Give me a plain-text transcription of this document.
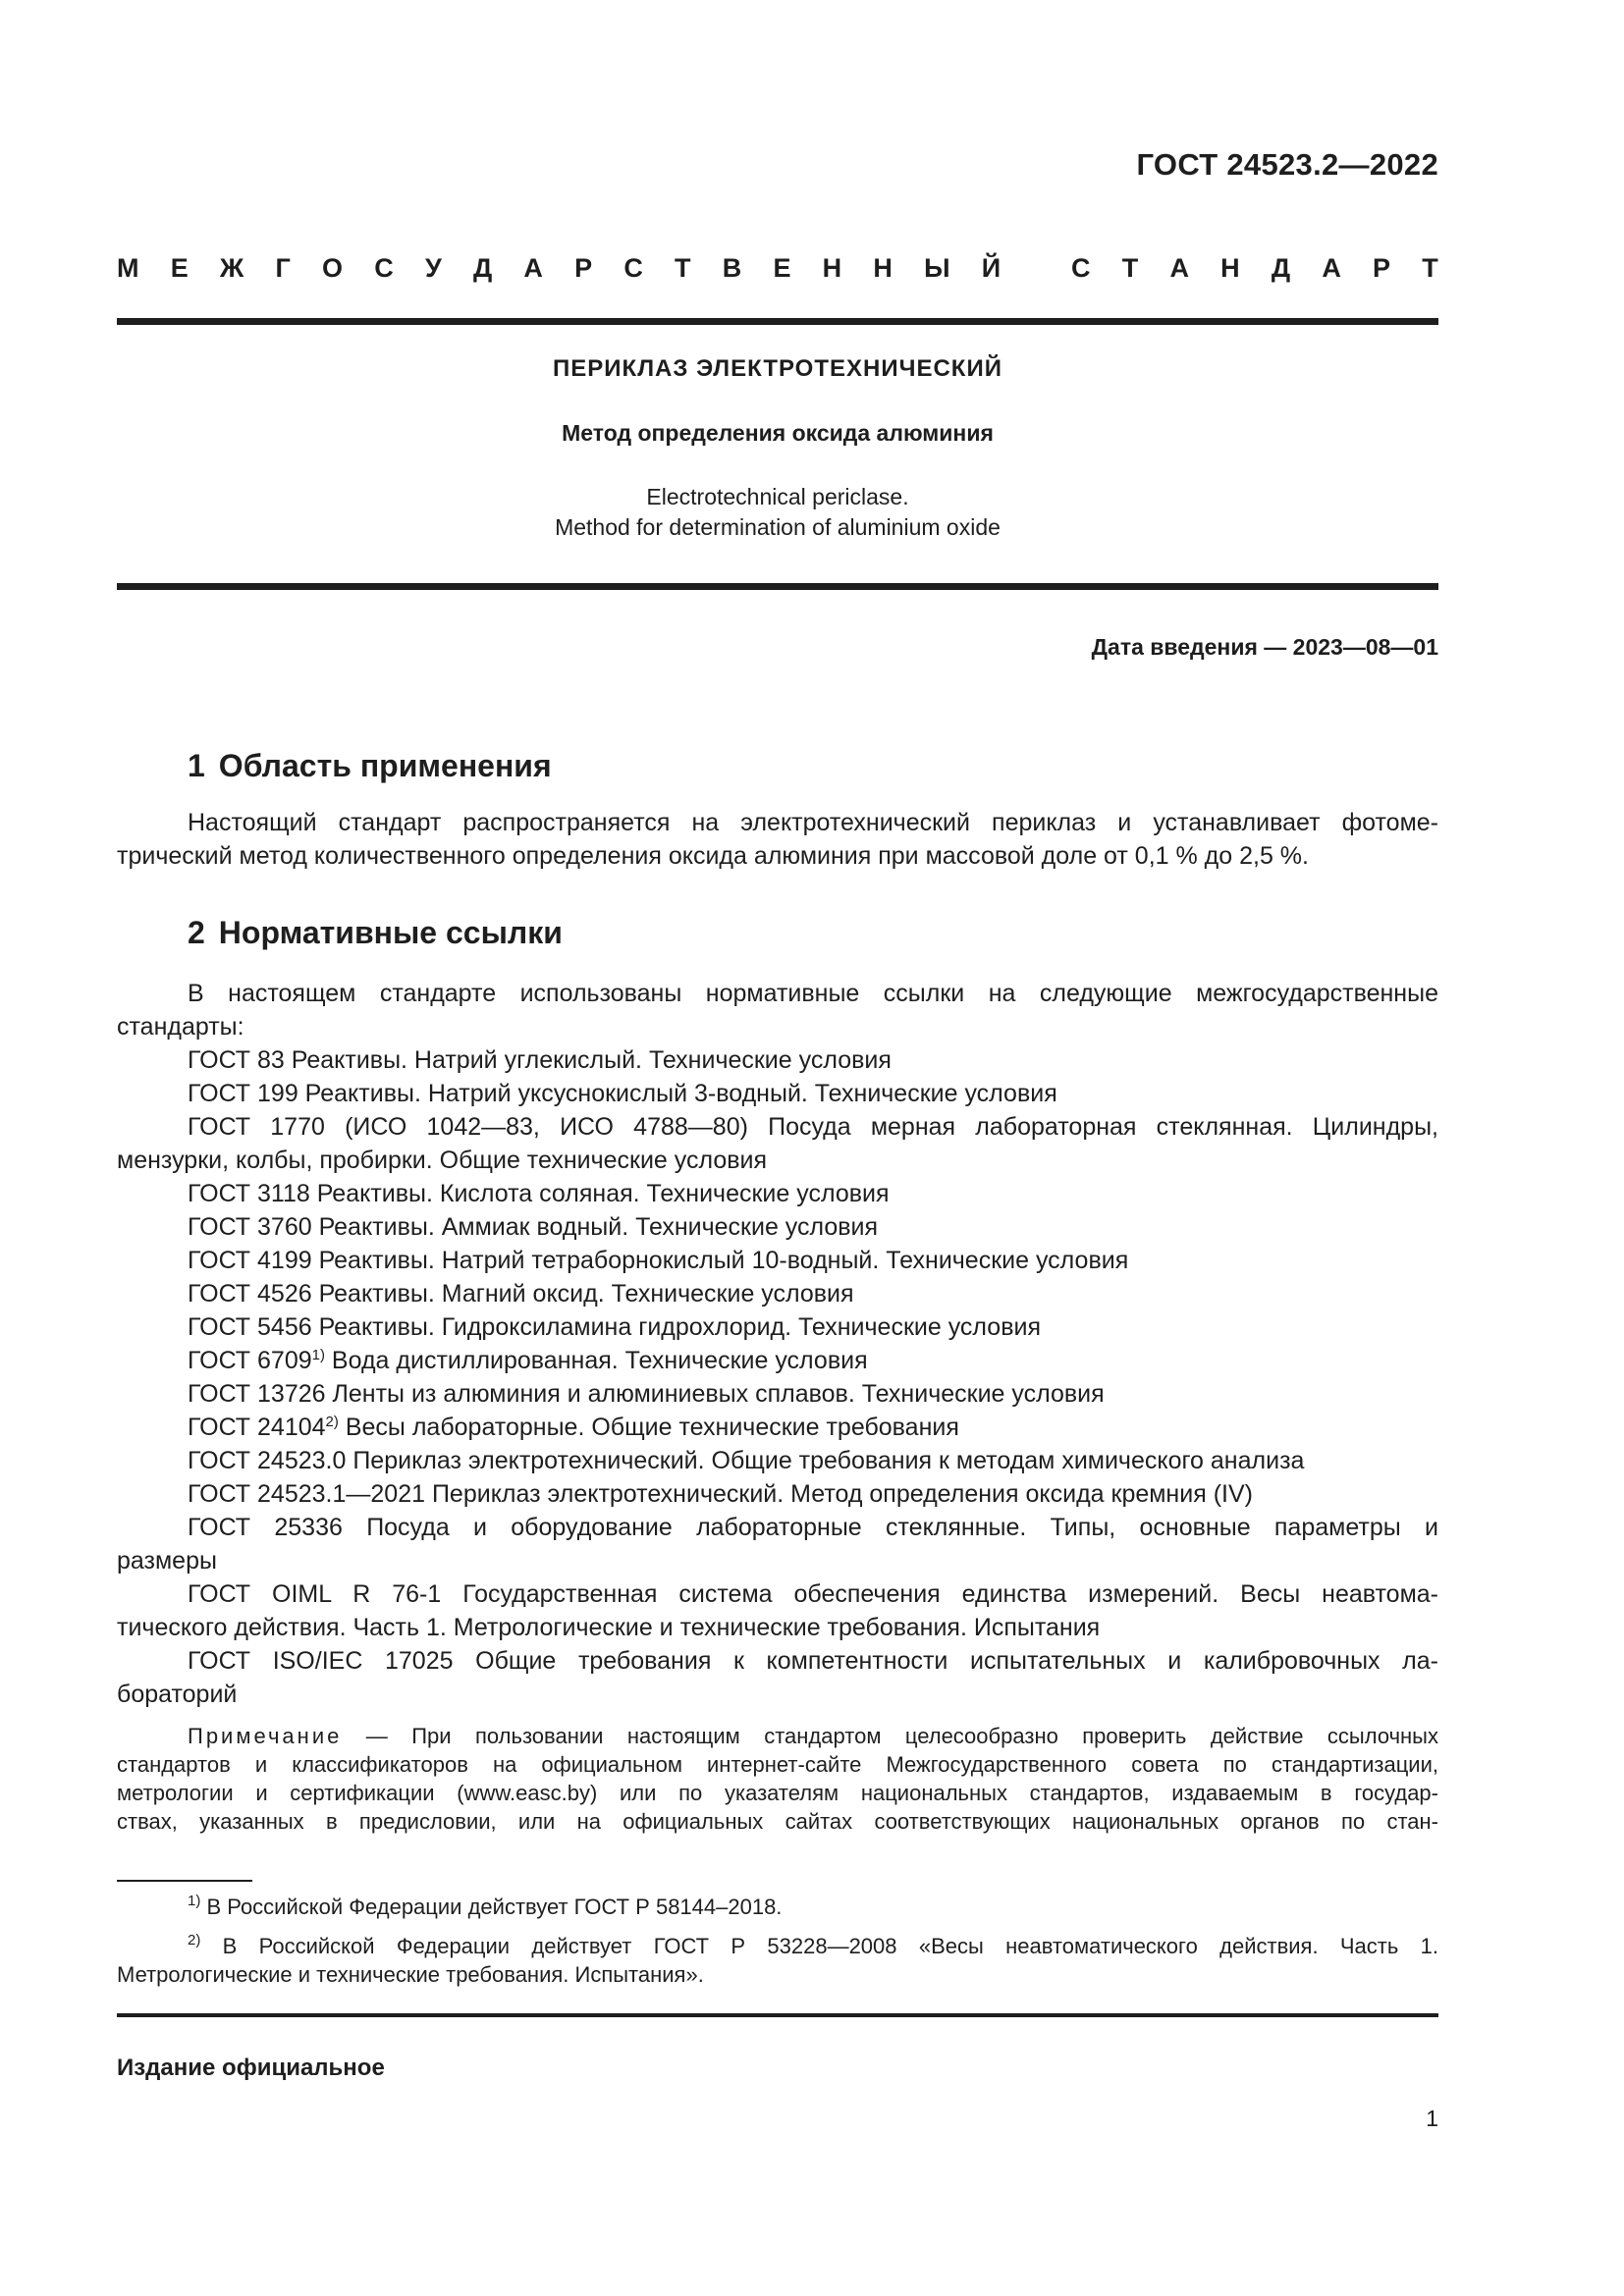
ГОСТ 24523.2—2022
М Е Ж Г О С У Д А Р С Т В Е Н Н Ы Й
	С Т А Н Д А Р Т
ПЕРИКЛАЗ ЭЛЕКТРОТЕХНИЧЕСКИЙ
Метод определения оксида алюминия
Electrotechnical periclase.
Method for determination of aluminium oxide
Дата введения — 2023—08—01
1 Область применения
Настоящий стандарт распространяется на электротехнический периклаз и устанавливает фотоме-
трический метод количественного определения оксида алюминия при массовой доле от 0,1 % до 2,5 %.
2 Нормативные ссылки
В настоящем стандарте использованы нормативные ссылки на следующие межгосударственные
стандарты:
ГОСТ 83 Реактивы. Натрий углекислый. Технические условия
ГОСТ 199 Реактивы. Натрий уксуснокислый 3-водный. Технические условия
ГОСТ 1770 (ИСО 1042—83, ИСО 4788—80) Посуда мерная лабораторная стеклянная. Цилиндры,
мензурки, колбы, пробирки. Общие технические условия
ГОСТ 3118 Реактивы. Кислота соляная. Технические условия
ГОСТ 3760 Реактивы. Аммиак водный. Технические условия
ГОСТ 4199 Реактивы. Натрий тетраборнокислый 10-водный. Технические условия
ГОСТ 4526 Реактивы. Магний оксид. Технические условия
ГОСТ 5456 Реактивы. Гидроксиламина гидрохлорид. Технические условия
ГОСТ 6709$^{1)}$ Вода дистиллированная. Технические условия
ГОСТ 13726 Ленты из алюминия и алюминиевых сплавов. Технические условия
ГОСТ 24104$^{2)}$ Весы лабораторные. Общие технические требования
ГОСТ 24523.0 Периклаз электротехнический. Общие требования к методам химического анализа
ГОСТ 24523.1—2021 Периклаз электротехнический. Метод определения оксида кремния (IV)
ГОСТ 25336 Посуда и оборудование лабораторные стеклянные. Типы, основные параметры и
размеры
ГОСТ OIML R 76-1 Государственная система обеспечения единства измерений. Весы неавтома-
тического действия. Часть 1. Метрологические и технические требования. Испытания
ГОСТ ISO/IEC 17025 Общие требования к компетентности испытательных и калибровочных ла-
бораторий
Примечание — При пользовании настоящим стандартом целесообразно проверить действие ссылочных
стандартов и классификаторов на официальном интернет-сайте Межгосударственного совета по стандартизации,
метрологии и сертификации (www.easc.by) или по указателям национальных стандартов, издаваемым в государ-
ствах, указанных в предисловии, или на официальных сайтах соответствующих национальных органов по стан-
$^{1)}$ В Российской Федерации действует ГОСТ Р 58144–2018.
$^{2)}$ В Российской Федерации действует ГОСТ Р 53228—2008 «Весы неавтоматического действия. Часть 1.
Метрологические и технические требования. Испытания».
Издание официальное
1
